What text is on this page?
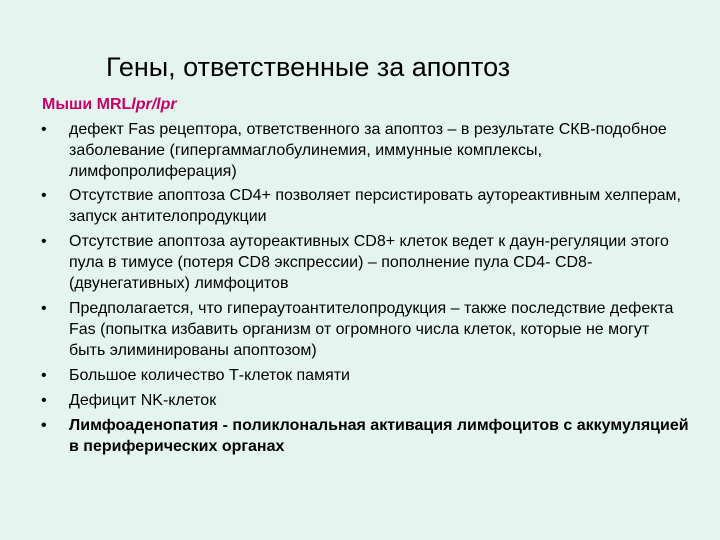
Гены, ответственные за апоптоз
Мыши MRLlpr/lpr
•	дефект Fas рецептора, ответственного за апоптоз – в результате СКВ-подобное заболевание (гипергаммаглобулинемия, иммунные комплексы, лимфопролиферация)
•	Отсутствие апоптоза CD4+ позволяет персистировать аутореактивным хелперам, запуск антителопродукции
•	Отсутствие апоптоза аутореактивных CD8+ клеток ведет к даун-регуляции этого пула в тимусе (потеря CD8 экспрессии) – пополнение пула CD4- CD8- (двунегативных) лимфоцитов
•	Предполагается, что гипераутоантителопродукция – также последствие дефекта Fas (попытка избавить организм от огромного числа клеток, которые не могут быть элиминированы апоптозом)
•	Большое количество Т-клеток памяти
•	Дефицит NK-клеток
•	Лимфоаденопатия - поликлональная активация лимфоцитов с аккумуляцией в периферических органах
